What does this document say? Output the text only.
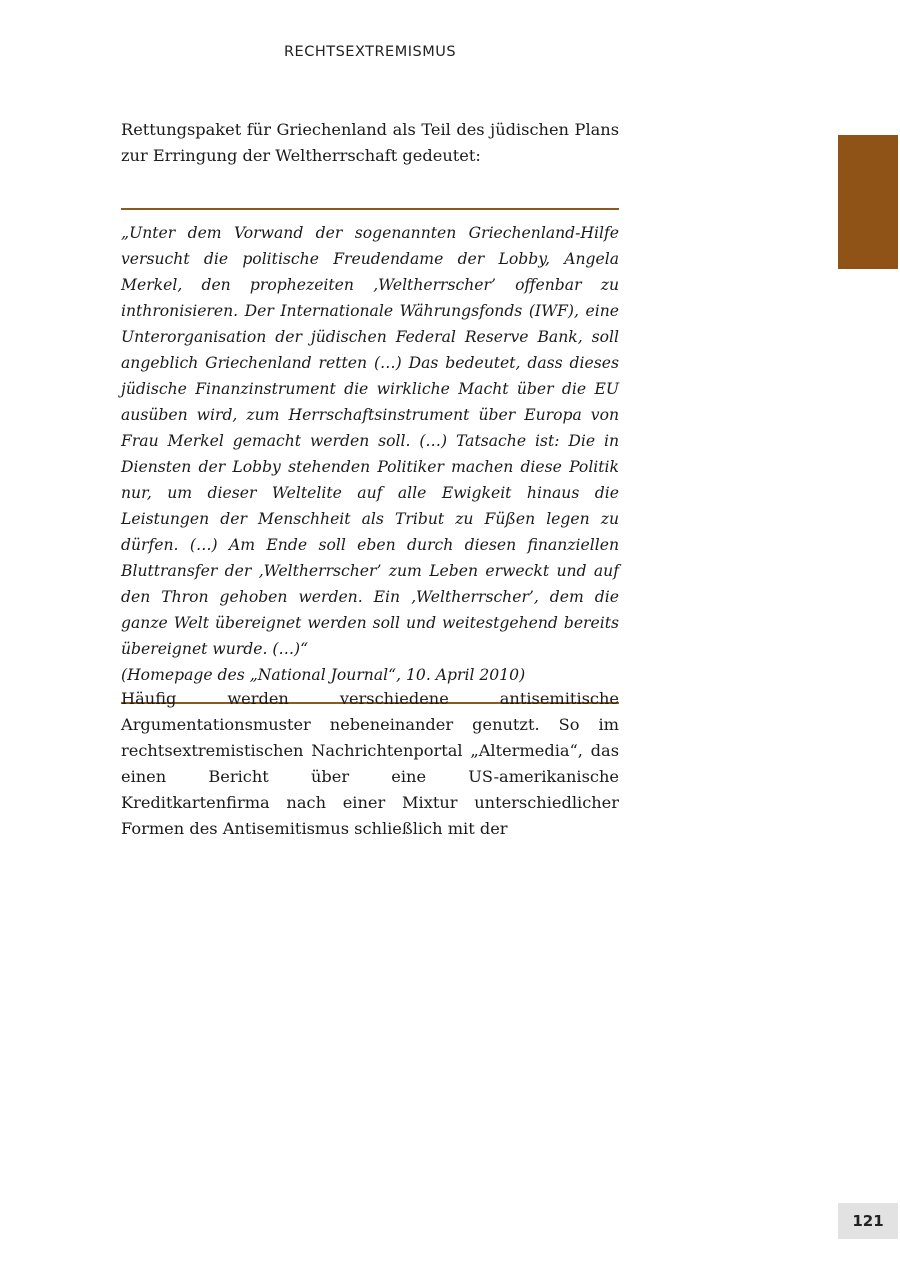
RECHTSEXTREMISMUS

Rettungspaket für Griechenland als Teil des jüdischen Plans zur Erringung der Weltherrschaft gedeutet:

„Unter dem Vorwand der sogenannten Griechenland-Hilfe versucht die politische Freudendame der Lobby, Angela Merkel, den prophezeiten ‚Weltherrscher’ offenbar zu inthronisieren. Der Internationale Währungsfonds (IWF), eine Unterorganisation der jüdischen Federal Reserve Bank, soll angeblich Griechenland retten (…) Das bedeutet, dass dieses jüdische Finanzinstrument die wirkliche Macht über die EU ausüben wird, zum Herrschaftsinstrument über Europa von Frau Merkel gemacht werden soll. (…) Tatsache ist: Die in Diensten der Lobby stehenden Politiker machen diese Politik nur, um dieser Weltelite auf alle Ewigkeit hinaus die Leistungen der Menschheit als Tribut zu Füßen legen zu dürfen. (…) Am Ende soll eben durch diesen finanziellen Bluttransfer der ‚Weltherrscher’ zum Leben erweckt und auf den Thron gehoben werden. Ein ‚Weltherrscher’, dem die ganze Welt übereignet werden soll und weitestgehend bereits übereignet wurde. (…)“

(Homepage des „National Journal“, 10. April 2010)

Häufig werden verschiedene antisemitische Argumentationsmuster nebeneinander genutzt. So im rechtsextremistischen Nachrichtenportal „Altermedia“, das einen Bericht über eine US-amerikanische Kreditkartenfirma nach einer Mixtur unterschiedlicher Formen des Antisemitismus schließlich mit der

121
